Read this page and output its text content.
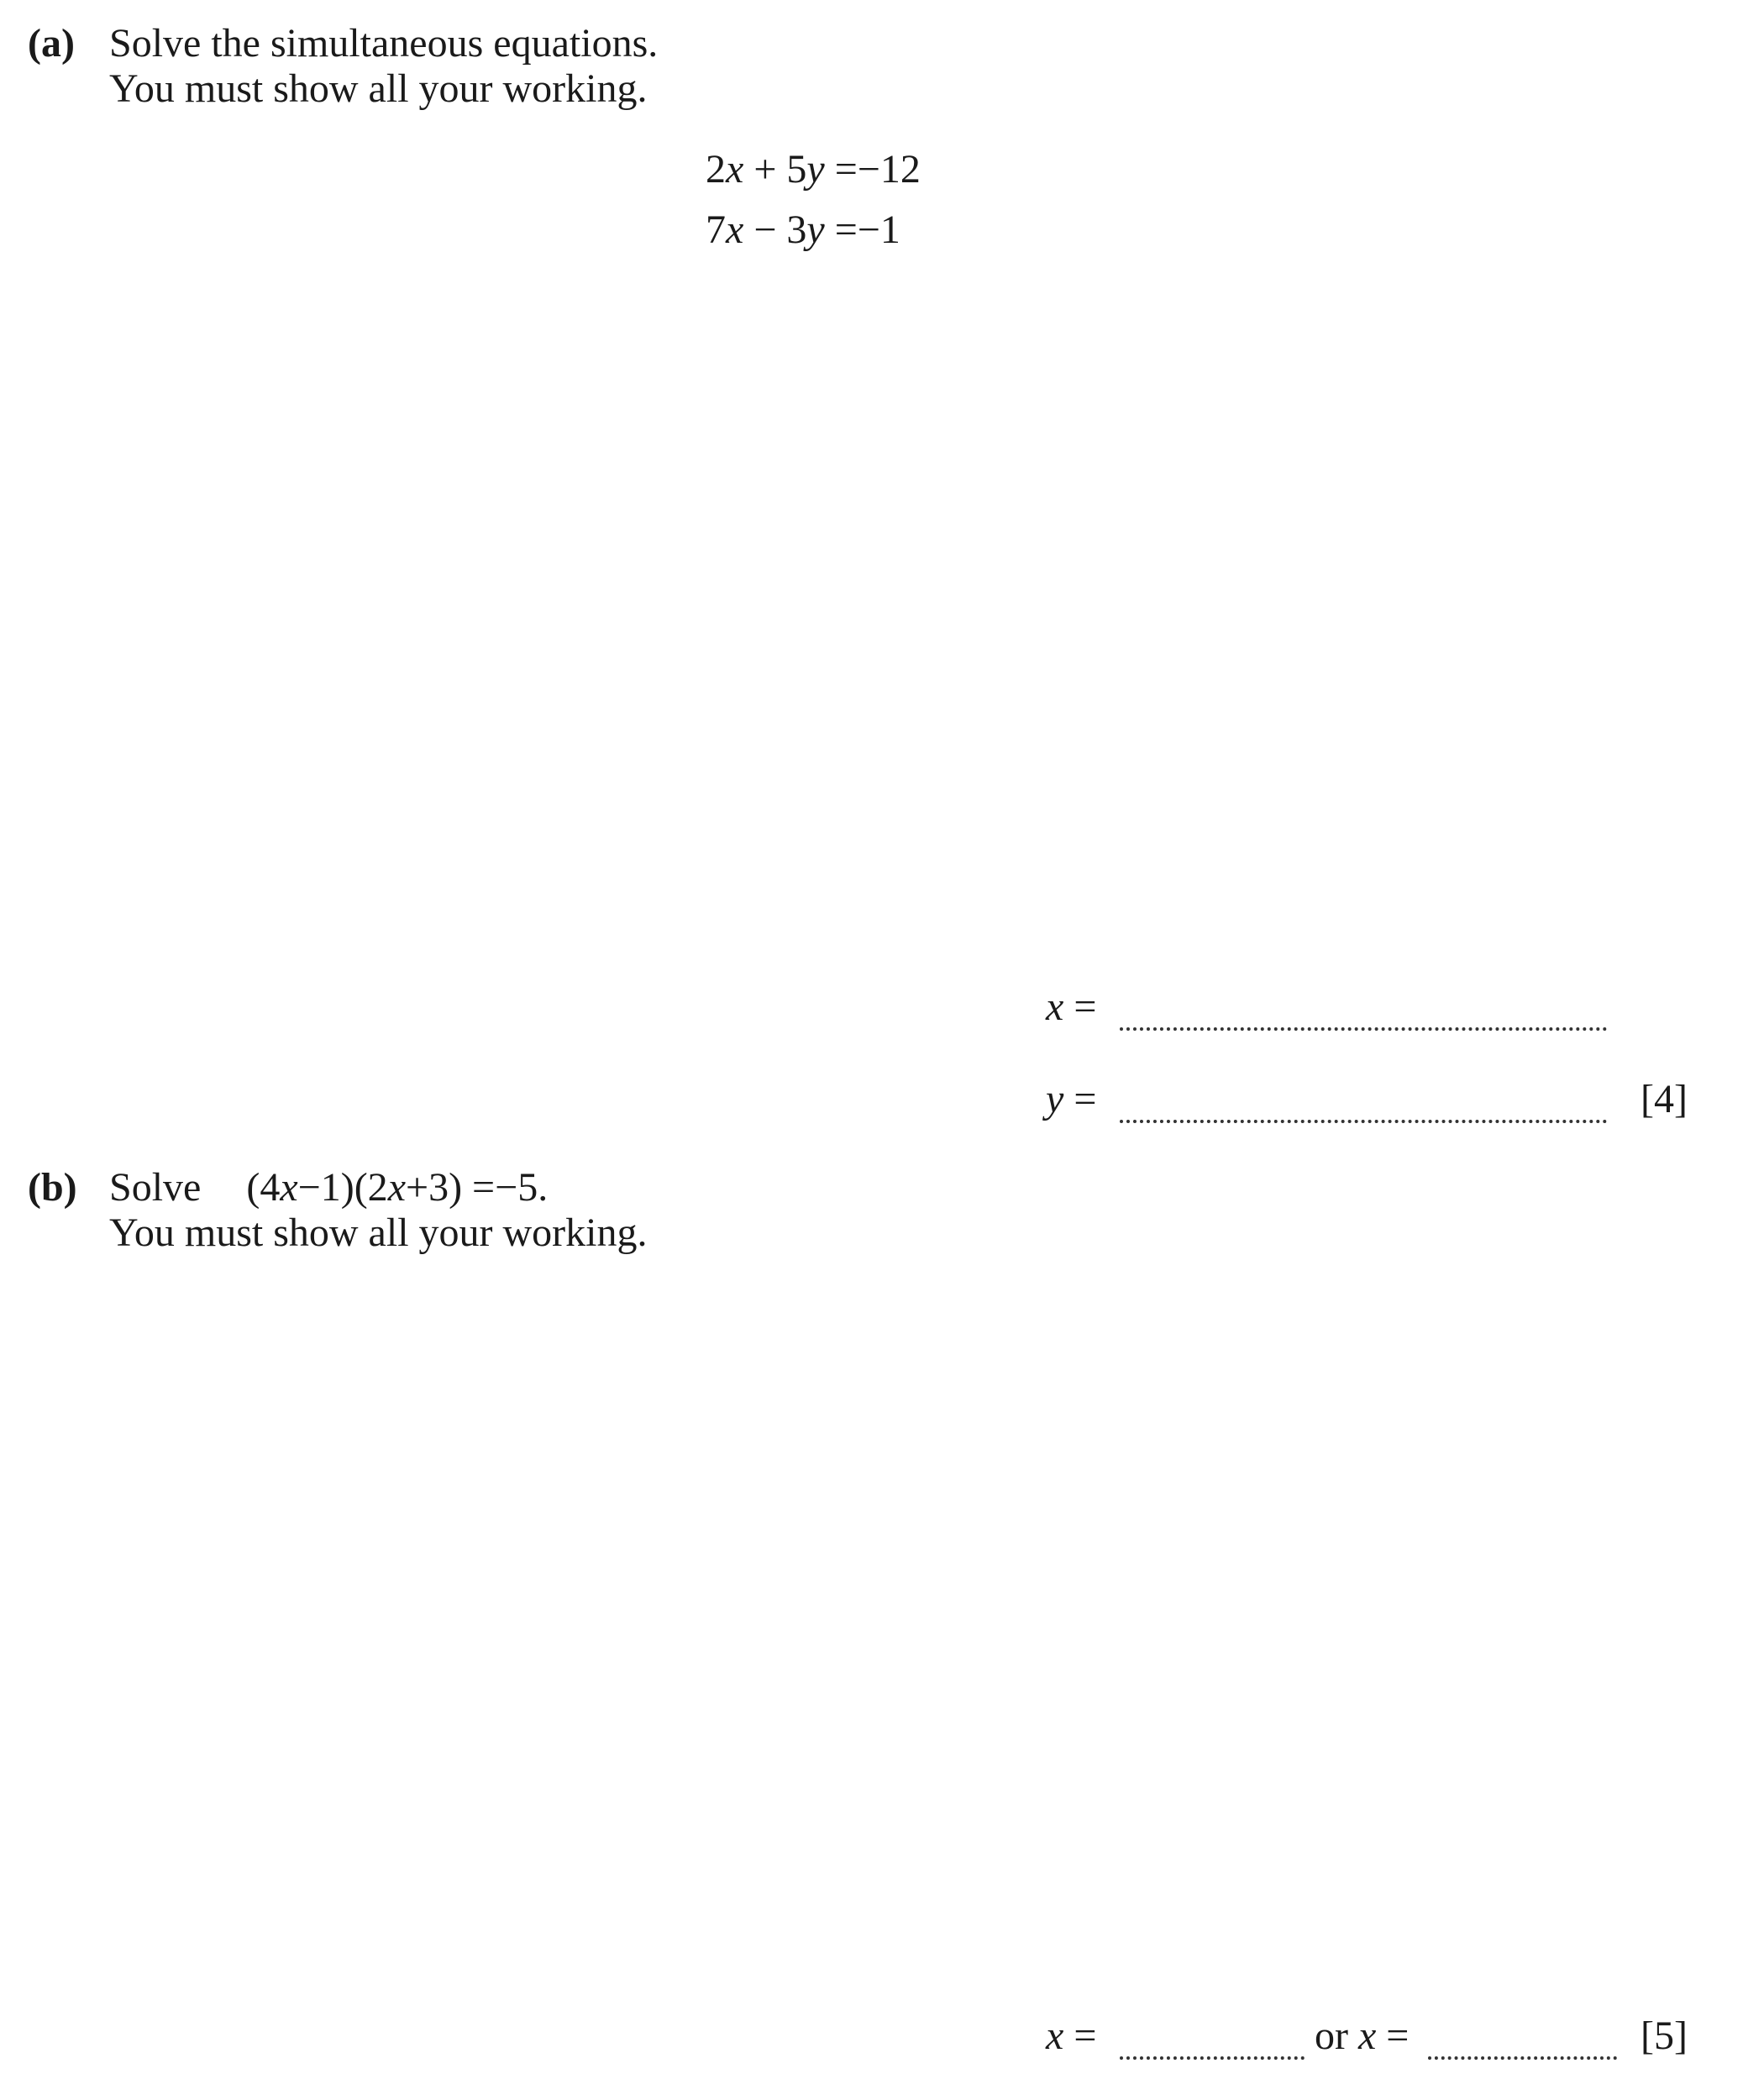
(a) Solve the simultaneous equations.
You must show all your working.
2x + 5y =−12
7x − 3y =−1
x =
y =	[4]
(b) Solve (4x−1)(2x+3) =−5.
You must show all your working.
x =	or x =	[5]
